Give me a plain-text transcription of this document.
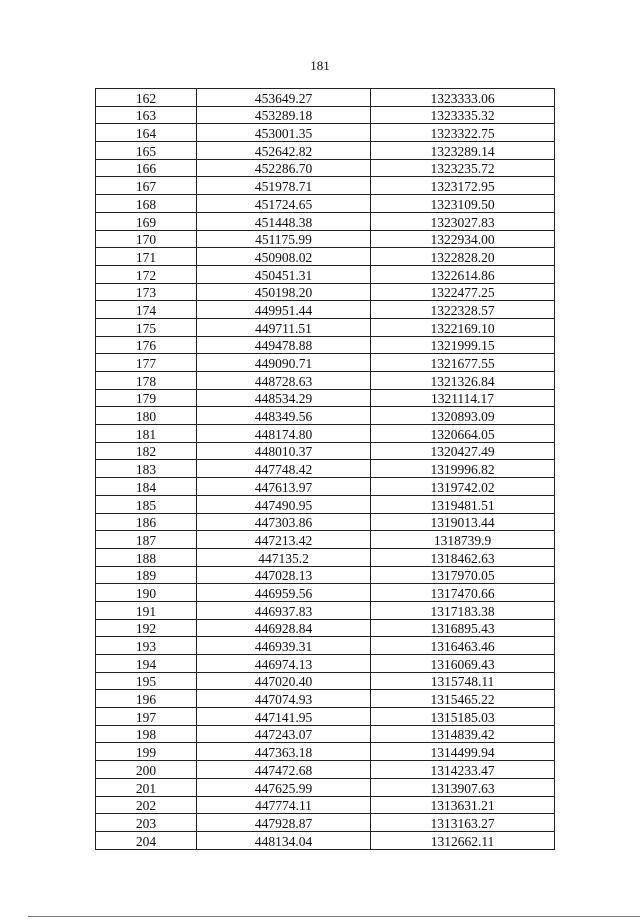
181
162	453649.27	1323333.06
163	453289.18	1323335.32
164	453001.35	1323322.75
165	452642.82	1323289.14
166	452286.70	1323235.72
167	451978.71	1323172.95
168	451724.65	1323109.50
169	451448.38	1323027.83
170	451175.99	1322934.00
171	450908.02	1322828.20
172	450451.31	1322614.86
173	450198.20	1322477.25
174	449951.44	1322328.57
175	449711.51	1322169.10
176	449478.88	1321999.15
177	449090.71	1321677.55
178	448728.63	1321326.84
179	448534.29	1321114.17
180	448349.56	1320893.09
181	448174.80	1320664.05
182	448010.37	1320427.49
183	447748.42	1319996.82
184	447613.97	1319742.02
185	447490.95	1319481.51
186	447303.86	1319013.44
187	447213.42	1318739.9
188	447135.2	1318462.63
189	447028.13	1317970.05
190	446959.56	1317470.66
191	446937.83	1317183.38
192	446928.84	1316895.43
193	446939.31	1316463.46
194	446974.13	1316069.43
195	447020.40	1315748.11
196	447074.93	1315465.22
197	447141.95	1315185.03
198	447243.07	1314839.42
199	447363.18	1314499.94
200	447472.68	1314233.47
201	447625.99	1313907.63
202	447774.11	1313631.21
203	447928.87	1313163.27
204	448134.04	1312662.11
